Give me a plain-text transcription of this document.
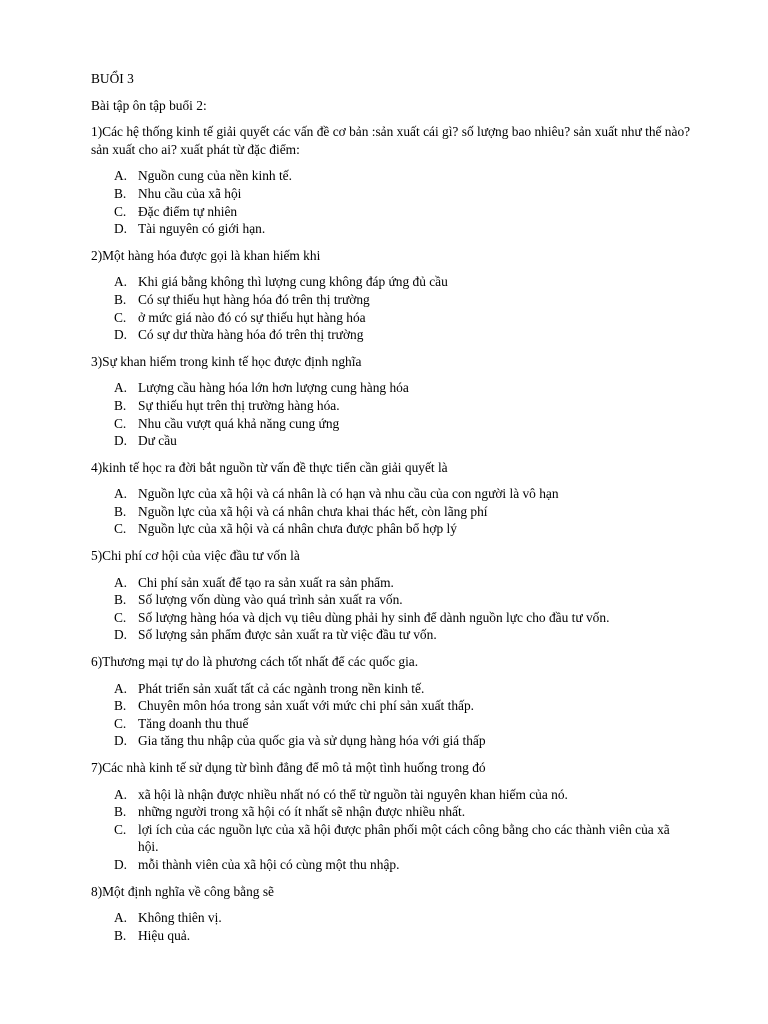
BUỔI 3

Bài tập ôn tập buổi 2:

1)Các hệ thống kinh tế giải quyết các vấn đề cơ bản :sản xuất cái gì? số lượng bao nhiêu? sản xuất như thế nào? sản xuất cho ai? xuất phát từ đặc điểm:

A. Nguồn cung của nền kinh tế.
B. Nhu cầu của xã hội
C. Đặc điểm tự nhiên
D. Tài nguyên có giới hạn.

2)Một hàng hóa được gọi là khan hiếm khi

A. Khi giá bằng không thì lượng cung không đáp ứng đủ cầu
B. Có sự thiếu hụt hàng hóa đó trên thị trường
C. ở mức giá nào đó có sự thiếu hụt hàng hóa
D. Có sự dư thừa hàng hóa đó trên thị trường

3)Sự khan hiếm trong kinh tế học được định nghĩa

A. Lượng cầu hàng hóa lớn hơn lượng cung hàng hóa
B. Sự thiếu hụt trên thị trường hàng hóa.
C. Nhu cầu vượt quá khả năng cung ứng
D. Dư cầu

4)kinh tế học ra đời bắt nguồn từ vấn đề thực tiển cần giải quyết là

A. Nguồn lực của xã hội và cá nhân là có hạn và nhu cầu của con người là vô hạn
B. Nguồn lực của xã hội và cá nhân chưa khai thác hết, còn lãng phí
C. Nguồn lực của xã hội và cá nhân chưa được phân bổ hợp lý

5)Chi phí cơ hội của việc đầu tư vốn là

A. Chi phí sản xuất để tạo ra sản xuất ra sản phẩm.
B. Số lượng vốn dùng vào quá trình sản xuất ra vốn.
C. Số lượng hàng hóa và dịch vụ tiêu dùng phải hy sinh để dành nguồn lực cho đầu tư vốn.
D. Số lượng sản phẩm được sản xuất ra từ việc đầu tư vốn.

6)Thương mại tự do là phương cách tốt nhất để các quốc gia.

A. Phát triển sản xuất tất cả các ngành trong nền kinh tế.
B. Chuyên môn hóa trong sản xuất với mức chi phí sản xuất thấp.
C. Tăng doanh thu thuế
D. Gia tăng thu nhập của quốc gia và sử dụng hàng hóa với giá thấp

7)Các nhà kinh tế sử dụng từ bình đẳng để mô tả một tình huống trong đó

A. xã hội là nhận được nhiều nhất nó có thể từ nguồn tài nguyên khan hiếm của nó.
B. những người trong xã hội có ít nhất sẽ nhận được nhiều nhất.
C. lợi ích của các nguồn lực của xã hội được phân phối một cách công bằng cho các thành viên của xã hội.
D. mỗi thành viên của xã hội có cùng một thu nhập.

8)Một định nghĩa về công bằng sẽ

A. Không thiên vị.
B. Hiệu quả.
